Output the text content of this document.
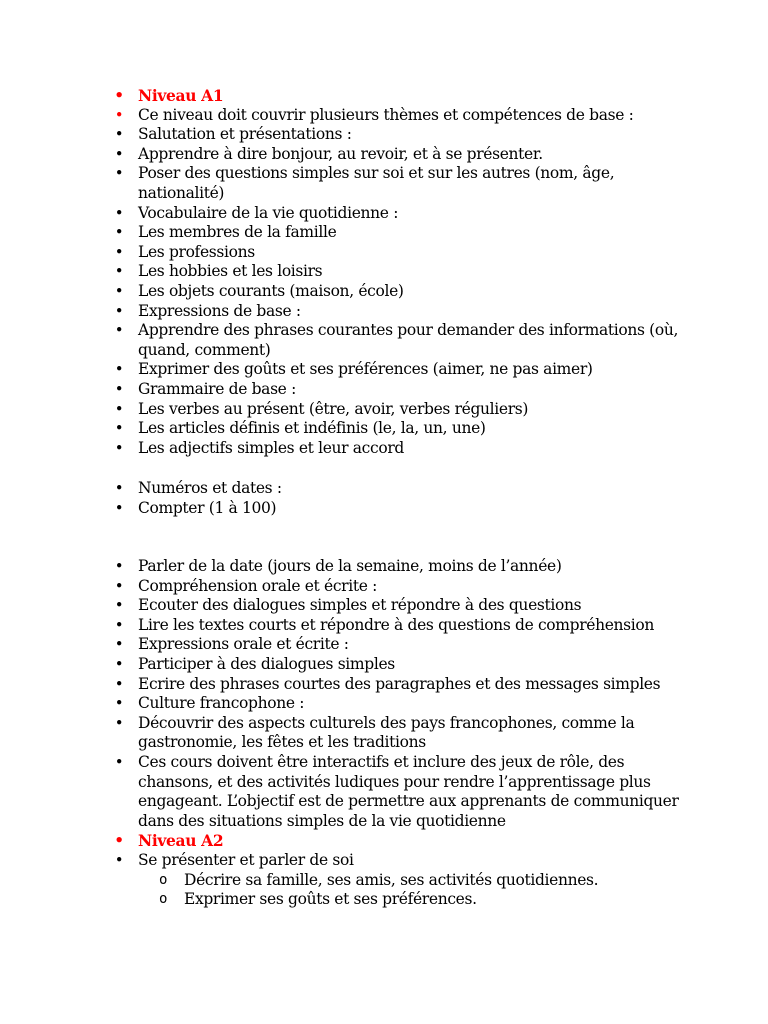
• Niveau A1
• Ce niveau doit couvrir plusieurs thèmes et compétences de base :
• Salutation et présentations :
• Apprendre à dire bonjour, au revoir, et à se présenter.
• Poser des questions simples sur soi et sur les autres (nom, âge, nationalité)
• Vocabulaire de la vie quotidienne :
• Les membres de la famille
• Les professions
• Les hobbies et les loisirs
• Les objets courants (maison, école)
• Expressions de base :
• Apprendre des phrases courantes pour demander des informations (où, quand, comment)
• Exprimer des goûts et ses préférences (aimer, ne pas aimer)
• Grammaire de base :
• Les verbes au présent (être, avoir, verbes réguliers)
• Les articles définis et indéfinis (le, la, un, une)
• Les adjectifs simples et leur accord
• Numéros et dates :
• Compter (1 à 100)
• Parler de la date (jours de la semaine, moins de l’année)
• Compréhension orale et écrite :
• Ecouter des dialogues simples et répondre à des questions
• Lire les textes courts et répondre à des questions de compréhension
• Expressions orale et écrite :
• Participer à des dialogues simples
• Ecrire des phrases courtes des paragraphes et des messages simples
• Culture francophone :
• Découvrir des aspects culturels des pays francophones, comme la gastronomie, les fêtes et les traditions
• Ces cours doivent être interactifs et inclure des jeux de rôle, des chansons, et des activités ludiques pour rendre l’apprentissage plus engageant. L’objectif est de permettre aux apprenants de communiquer dans des situations simples de la vie quotidienne
• Niveau A2
• Se présenter et parler de soi
o Décrire sa famille, ses amis, ses activités quotidiennes.
o Exprimer ses goûts et ses préférences.
